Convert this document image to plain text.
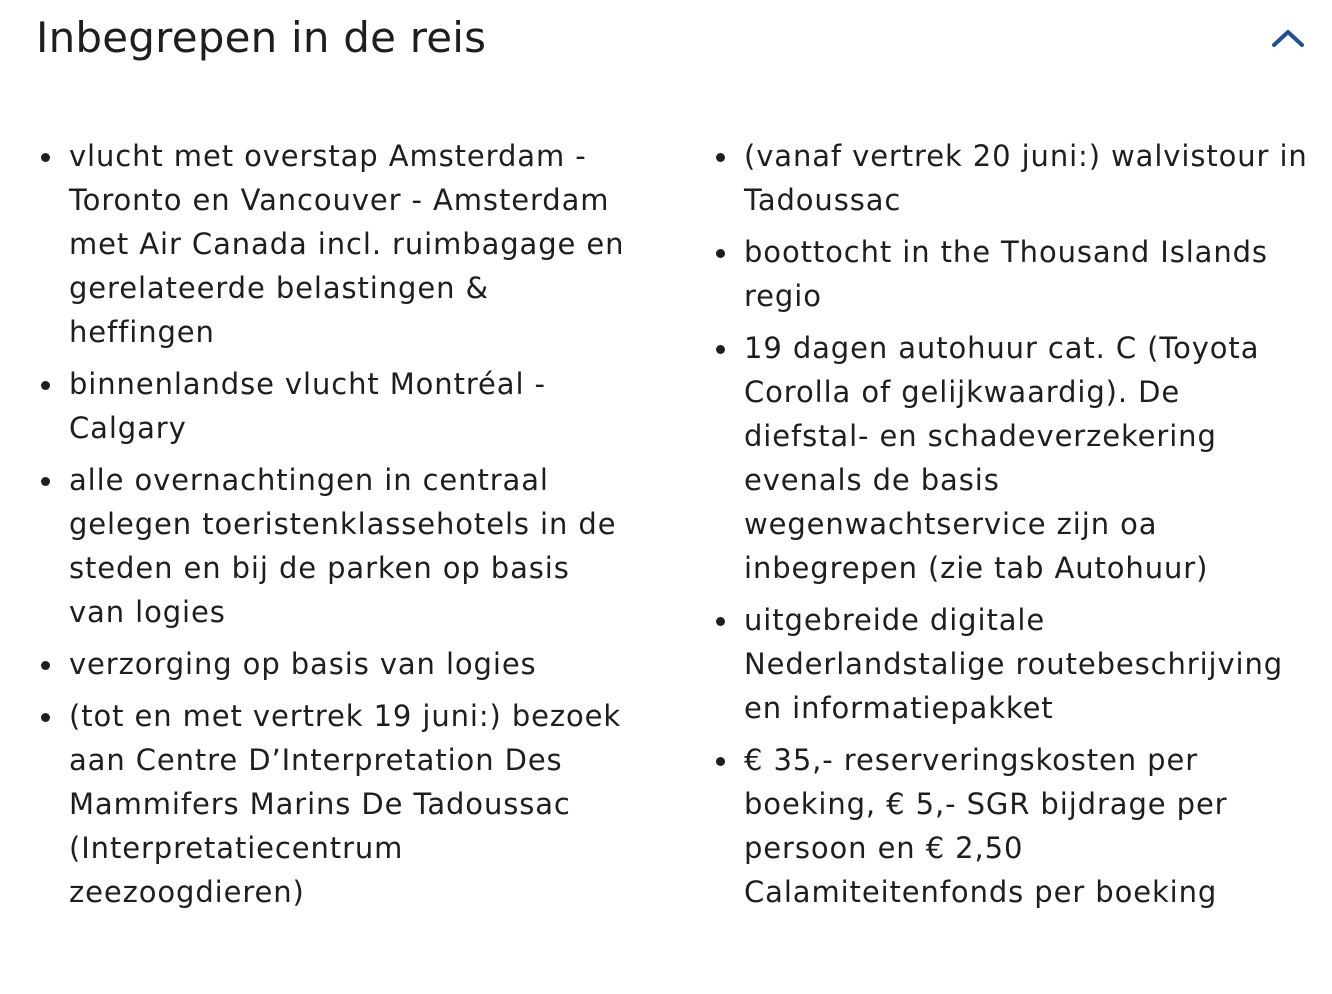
Inbegrepen in de reis
vlucht met overstap Amsterdam - Toronto en Vancouver - Amsterdam met Air Canada incl. ruimbagage en gerelateerde belastingen & heffingen
binnenlandse vlucht Montréal - Calgary
alle overnachtingen in centraal gelegen toeristenklassehotels in de steden en bij de parken op basis van logies
verzorging op basis van logies
(tot en met vertrek 19 juni:) bezoek aan Centre D’Interpretation Des Mammifers Marins De Tadoussac (Interpretatiecentrum zeezoogdieren)
(vanaf vertrek 20 juni:) walvistour in Tadoussac
boottocht in the Thousand Islands regio
19 dagen autohuur cat. C (Toyota Corolla of gelijkwaardig). De diefstal- en schadeverzekering evenals de basis wegenwachtservice zijn oa inbegrepen (zie tab Autohuur)
uitgebreide digitale Nederlandstalige routebeschrijving en informatiepakket
€ 35,- reserveringskosten per boeking, € 5,- SGR bijdrage per persoon en € 2,50 Calamiteitenfonds per boeking
